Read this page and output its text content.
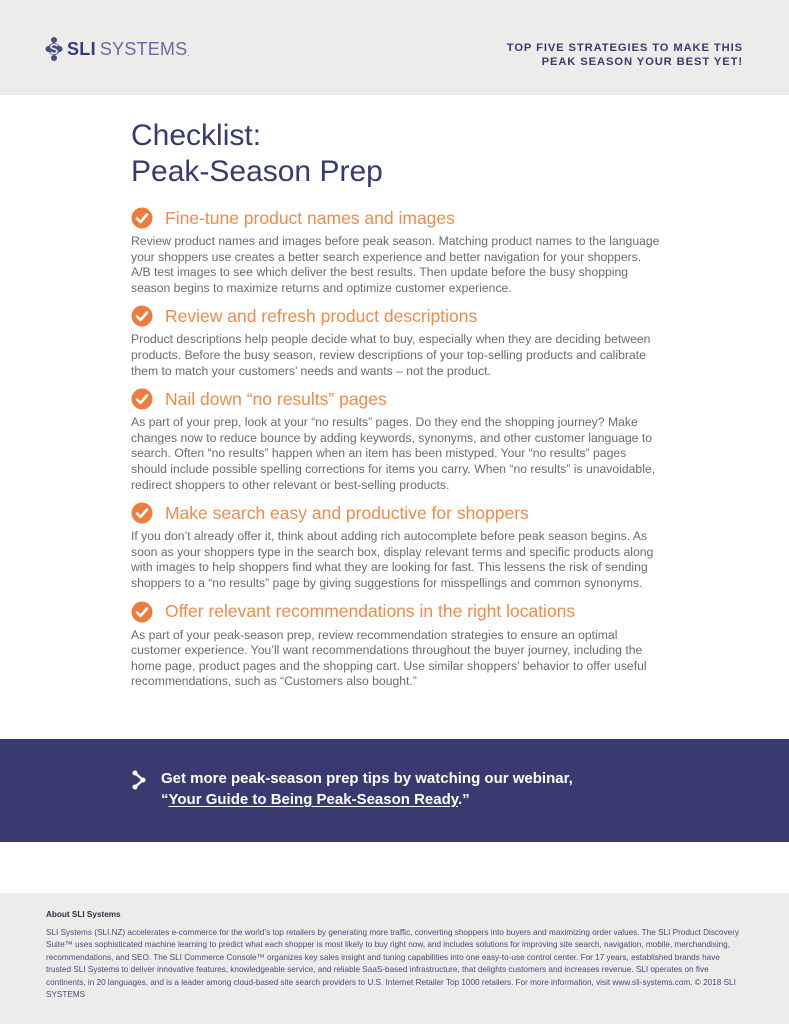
SLI SYSTEMS .	TOP FIVE STRATEGIES TO MAKE THIS
PEAK SEASON YOUR BEST YET!
Checklist:
Peak-Season Prep
Fine-tune product names and images

Review product names and images before peak season. Matching product names to the language your shoppers use creates a better search experience and better navigation for your shoppers. A/B test images to see which deliver the best results. Then update before the busy shopping season begins to maximize returns and optimize customer experience.

Review and refresh product descriptions

Product descriptions help people decide what to buy, especially when they are deciding between products. Before the busy season, review descriptions of your top-selling products and calibrate them to match your customers’ needs and wants – not the product.

Nail down “no results” pages

As part of your prep, look at your “no results” pages. Do they end the shopping journey? Make changes now to reduce bounce by adding keywords, synonyms, and other customer language to search. Often “no results” happen when an item has been mistyped. Your “no results” pages should include possible spelling corrections for items you carry. When “no results” is unavoidable, redirect shoppers to other relevant or best-selling products.

Make search easy and productive for shoppers

If you don’t already offer it, think about adding rich autocomplete before peak season begins. As soon as your shoppers type in the search box, display relevant terms and specific products along with images to help shoppers find what they are looking for fast. This lessens the risk of sending shoppers to a “no results” page by giving suggestions for misspellings and common synonyms.

Offer relevant recommendations in the right locations

As part of your peak-season prep, review recommendation strategies to ensure an optimal customer experience. You’ll want recommendations throughout the buyer journey, including the home page, product pages and the shopping cart. Use similar shoppers’ behavior to offer useful recommendations, such as “Customers also bought.”

Get more peak-season prep tips by watching our webinar,
“Your Guide to Being Peak-Season Ready.”
About SLI Systems

SLI Systems (SLI.NZ) accelerates e-commerce for the world’s top retailers by generating more traffic, converting shoppers into buyers and maximizing order values. The SLI Product Discovery Suite™ uses sophisticated machine learning to predict what each shopper is most likely to buy right now, and includes solutions for improving site search, navigation, mobile, merchandising, recommendations, and SEO. The SLI Commerce Console™ organizes key sales insight and tuning capabilities into one easy-to-use control center. For 17 years, established brands have trusted SLI Systems to deliver innovative features, knowledgeable service, and reliable SaaS-based infrastructure, that delights customers and increases revenue. SLI operates on five continents, in 20 languages, and is a leader among cloud-based site search providers to U.S. Internet Retailer Top 1000 retailers. For more information, visit www.sli-systems.com. © 2018 SLI SYSTEMS
